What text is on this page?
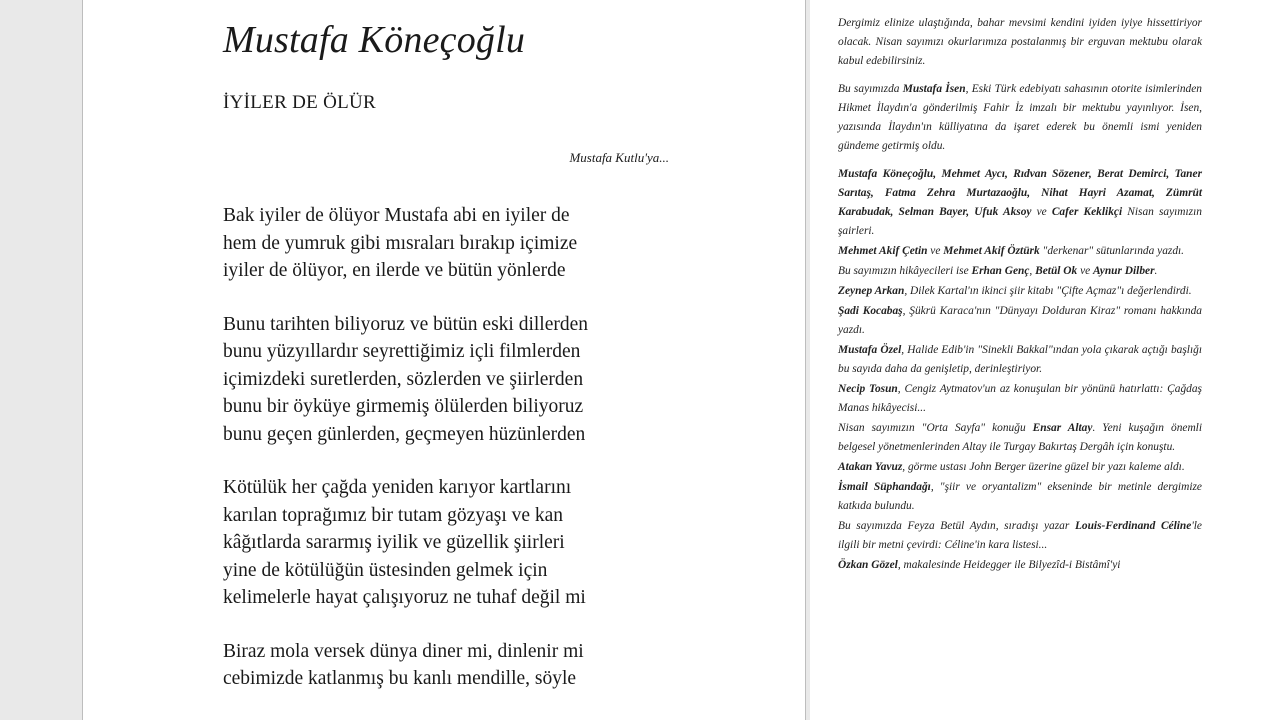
Mustafa Köneçoğlu
İYİLER DE ÖLÜR
Mustafa Kutlu'ya...

Bak iyiler de ölüyor Mustafa abi en iyiler de
hem de yumruk gibi mısraları bırakıp içimize
iyiler de ölüyor, en ilerde ve bütün yönlerde

Bunu tarihten biliyoruz ve bütün eski dillerden
bunu yüzyıllardır seyrettiğimiz içli filmlerden
içimizdeki suretlerden, sözlerden ve şiirlerden
bunu bir öyküye girmemiş ölülerden biliyoruz
bunu geçen günlerden, geçmeyen hüzünlerden

Kötülük her çağda yeniden karıyor kartlarını
karılan toprağımız bir tutam gözyaşı ve kan
kâğıtlarda sararmış iyilik ve güzellik şiirleri
yine de kötülüğün üstesinden gelmek için
kelimelerle hayat çalışıyoruz ne tuhaf değil mi

Biraz mola versek dünya diner mi, dinlenir mi
cebimizde katlanmış bu kanlı mendille, söyle

Dergimiz elinize ulaştığında, bahar mevsimi kendini iyiden iyiye hissettiriyor olacak. Nisan sayımızı okurlarımıza postalanmış bir erguvan mektubu olarak kabul edebilirsiniz.

Bu sayımızda Mustafa İsen, Eski Türk edebiyatı sahasının otorite isimlerinden Hikmet İlaydın'a gönderilmiş Fahir İz imzalı bir mektubu yayınlıyor. İsen, yazısında İlaydın'ın külliyatına da işaret ederek bu önemli ismi yeniden gündeme getirmiş oldu.

Mustafa Köneçoğlu, Mehmet Aycı, Rıdvan Sözener, Berat Demirci, Taner Sarıtaş, Fatma Zehra Murtazaoğlu, Nihat Hayri Azamat, Zümrüt Karabudak, Selman Bayer, Ufuk Aksoy ve Cafer Keklikçi Nisan sayımızın şairleri.

Mehmet Akif Çetin ve Mehmet Akif Öztürk "derkenar" sütunlarında yazdı.

Bu sayımızın hikâyecileri ise Erhan Genç, Betül Ok ve Aynur Dilber.

Zeynep Arkan, Dilek Kartal'ın ikinci şiir kitabı "Çifte Açmaz"ı değerlendirdi.

Şadi Kocabaş, Şükrü Karaca'nın "Dünyayı Dolduran Kiraz" romanı hakkında yazdı.

Mustafa Özel, Halide Edib'in "Sinekli Bakkal"ından yola çıkarak açtığı başlığı bu sayıda daha da genişletip, derinleştiriyor.

Necip Tosun, Cengiz Aytmatov'un az konuşulan bir yönünü hatırlattı: Çağdaş Manas hikâyecisi...

Nisan sayımızın "Orta Sayfa" konuğu Ensar Altay. Yeni kuşağın önemli belgesel yönetmenlerinden Altay ile Turgay Bakırtaş Dergâh için konuştu.

Atakan Yavuz, görme ustası John Berger üzerine güzel bir yazı kaleme aldı.

İsmail Süphandağı, "şiir ve oryantalizm" ekseninde bir metinle dergimize katkıda bulundu.

Bu sayımızda Feyza Betül Aydın, sıradışı yazar Louis-Ferdinand Céline'le ilgili bir metni çevirdi: Céline'in kara listesi...

Özkan Gözel, makalesinde Heidegger ile Bilyezîd-i Bistâmî'yi
